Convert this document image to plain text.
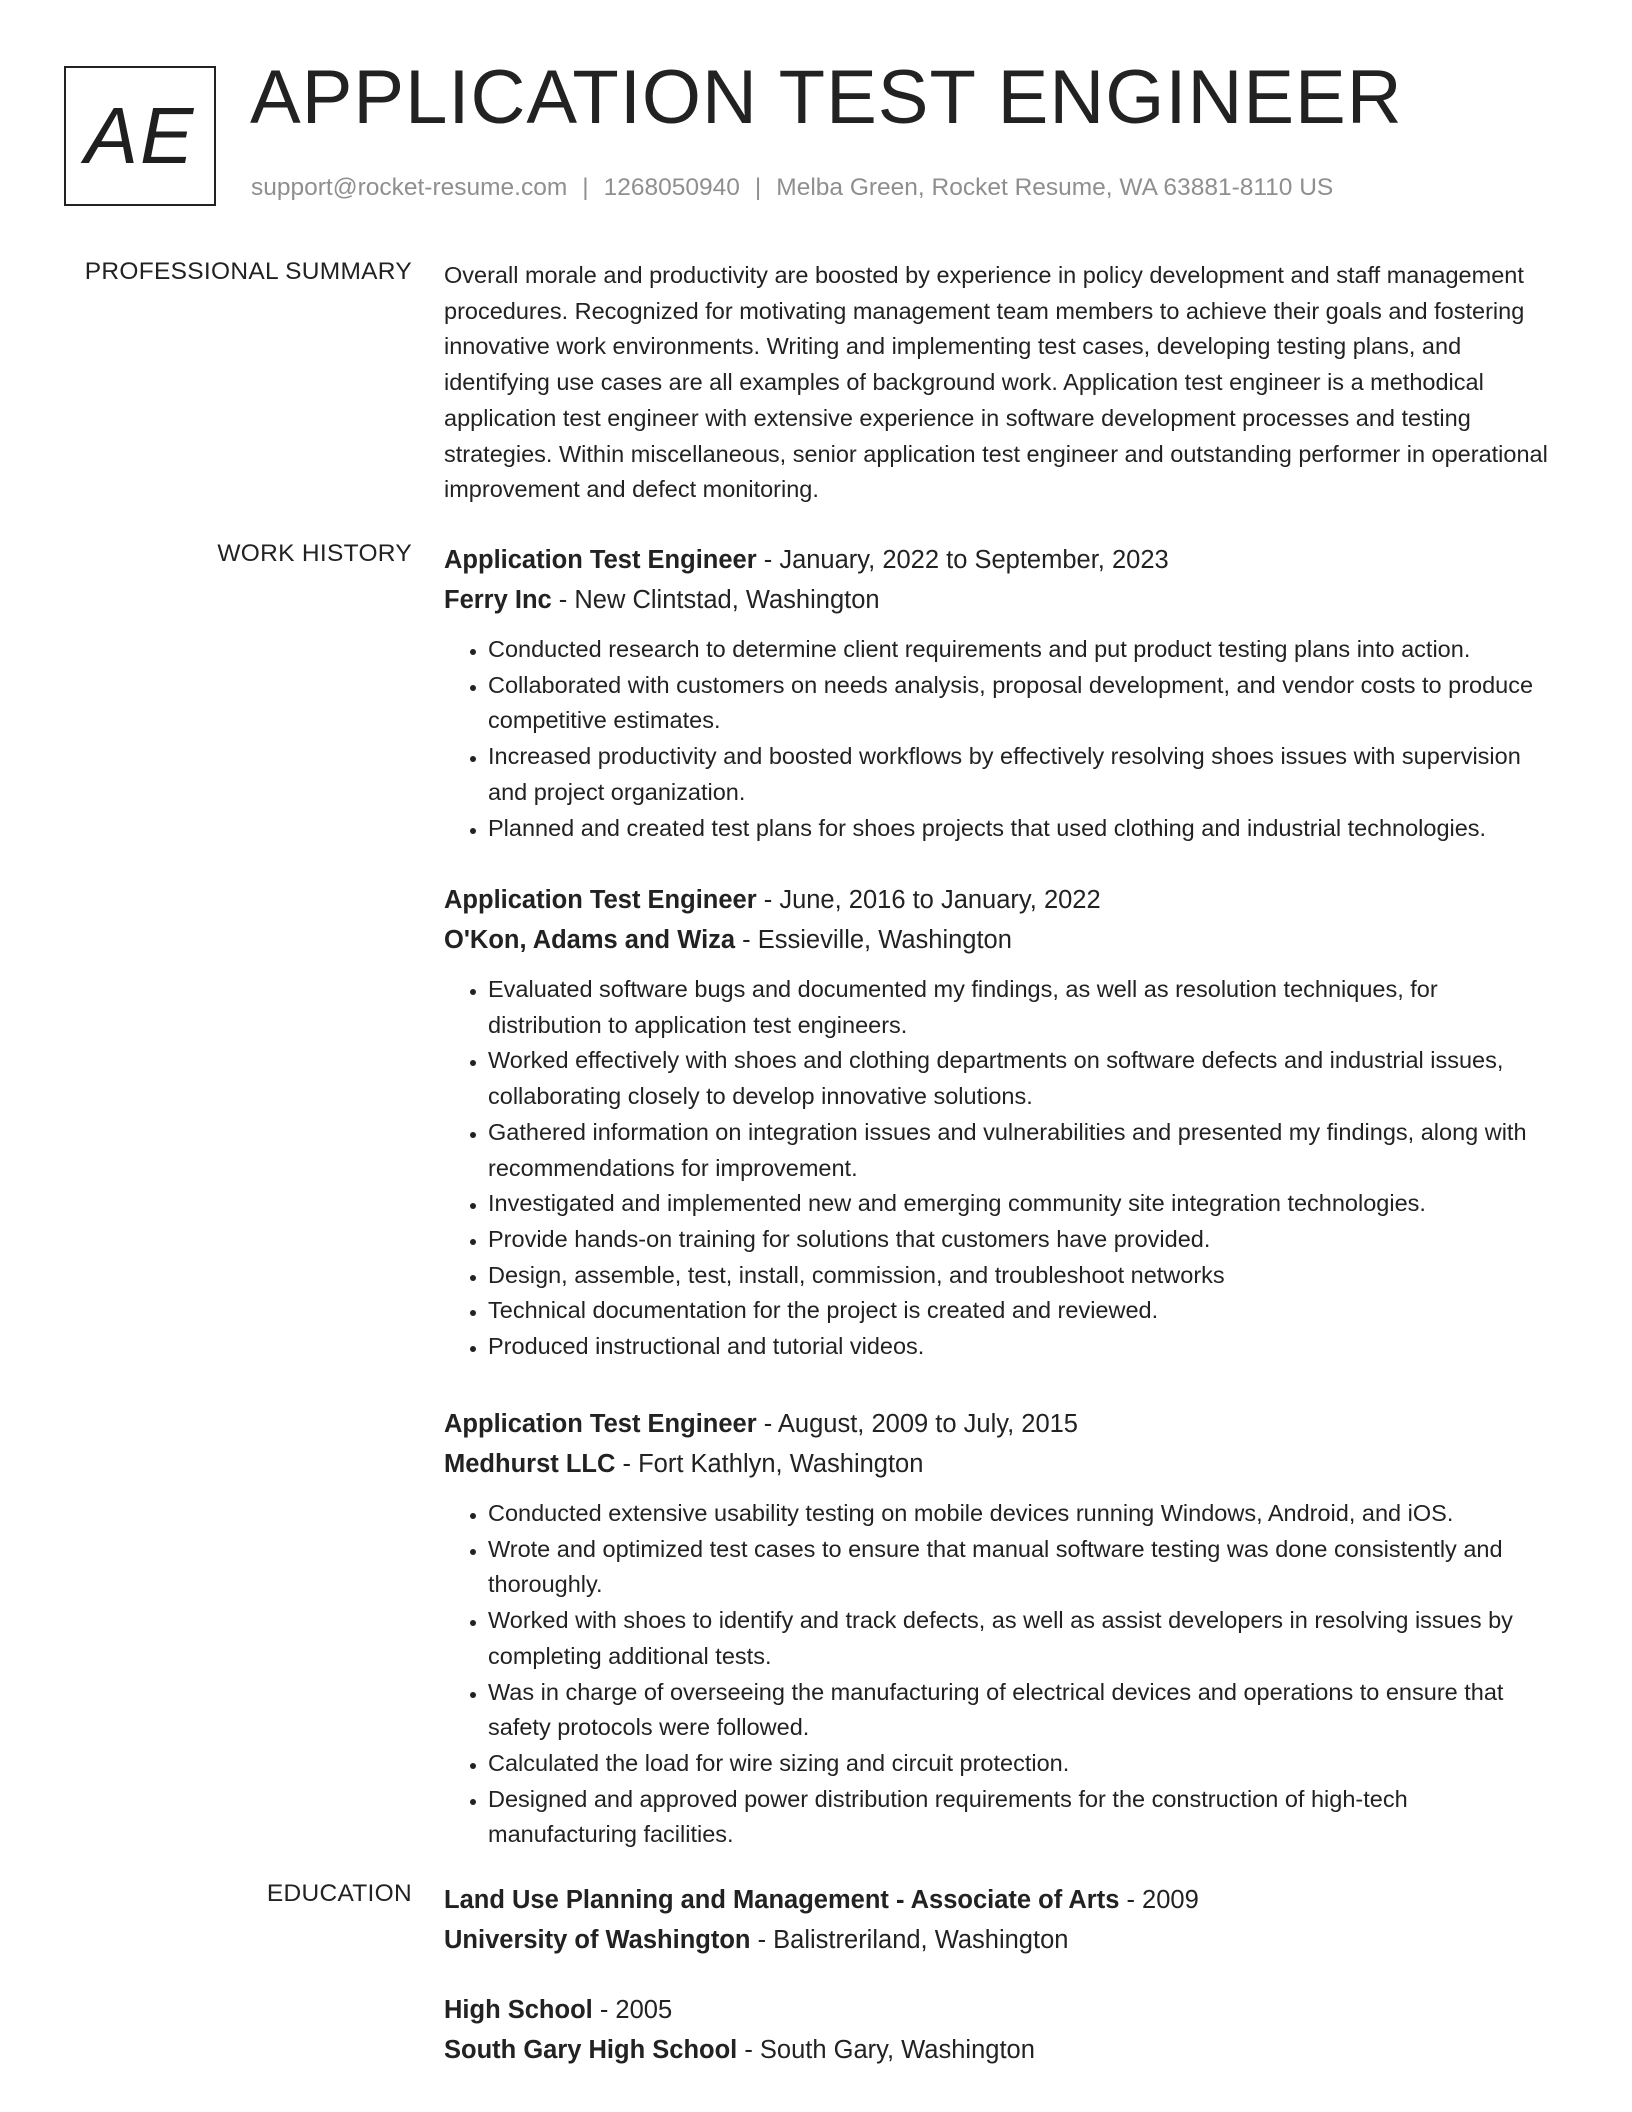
AE APPLICATION TEST ENGINEER
support@rocket-resume.com | 1268050940 | Melba Green, Rocket Resume, WA 63881-8110 US
PROFESSIONAL SUMMARY Overall morale and productivity are boosted by experience in policy development and staff management procedures. Recognized for motivating management team members to achieve their goals and fostering innovative work environments. Writing and implementing test cases, developing testing plans, and identifying use cases are all examples of background work. Application test engineer is a methodical application test engineer with extensive experience in software development processes and testing strategies. Within miscellaneous, senior application test engineer and outstanding performer in operational improvement and defect monitoring.

WORK HISTORY Application Test Engineer - January, 2022 to September, 2023
Ferry Inc - New Clintstad, Washington
• Conducted research to determine client requirements and put product testing plans into action.
• Collaborated with customers on needs analysis, proposal development, and vendor costs to produce competitive estimates.
• Increased productivity and boosted workflows by effectively resolving shoes issues with supervision and project organization.
• Planned and created test plans for shoes projects that used clothing and industrial technologies.
Application Test Engineer - June, 2016 to January, 2022
O'Kon, Adams and Wiza - Essieville, Washington
• Evaluated software bugs and documented my findings, as well as resolution techniques, for distribution to application test engineers.
• Worked effectively with shoes and clothing departments on software defects and industrial issues, collaborating closely to develop innovative solutions.
• Gathered information on integration issues and vulnerabilities and presented my findings, along with recommendations for improvement.
• Investigated and implemented new and emerging community site integration technologies.
• Provide hands-on training for solutions that customers have provided.
• Design, assemble, test, install, commission, and troubleshoot networks
• Technical documentation for the project is created and reviewed.
• Produced instructional and tutorial videos.
Application Test Engineer - August, 2009 to July, 2015
Medhurst LLC - Fort Kathlyn, Washington
• Conducted extensive usability testing on mobile devices running Windows, Android, and iOS.
• Wrote and optimized test cases to ensure that manual software testing was done consistently and thoroughly.
• Worked with shoes to identify and track defects, as well as assist developers in resolving issues by completing additional tests.
• Was in charge of overseeing the manufacturing of electrical devices and operations to ensure that safety protocols were followed.
• Calculated the load for wire sizing and circuit protection.
• Designed and approved power distribution requirements for the construction of high-tech manufacturing facilities.
EDUCATION Land Use Planning and Management - Associate of Arts - 2009
University of Washington - Balistreriland, Washington
High School - 2005
South Gary High School - South Gary, Washington
